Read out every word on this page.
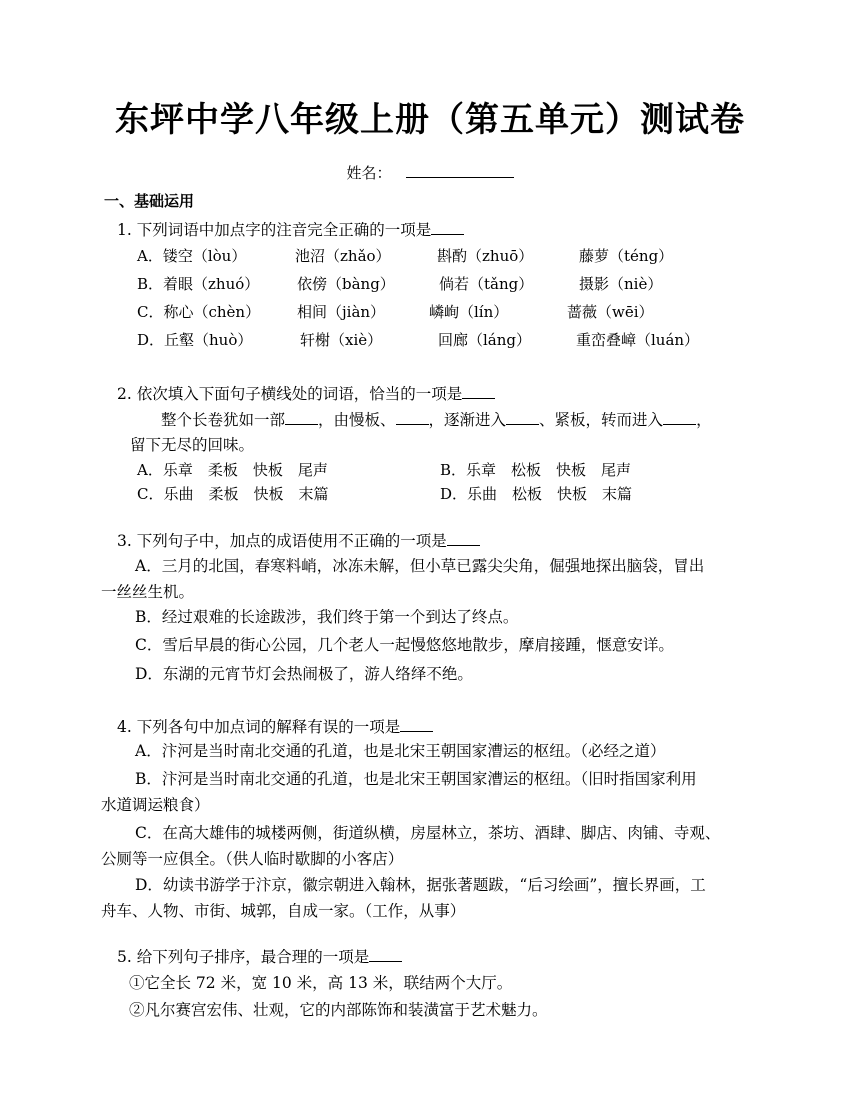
东坪中学八年级上册（第五单元）测试卷
姓名：
一、基础运用
1. 下列词语中加点字的注音完全正确的一项是
A．镂空（lòu）	池沼（zhǎo）	斟酌（zhuō）	藤萝（téng）
B．着眼（zhuó）	依傍（bàng）	倘若（tǎng）	摄影（niè）
C．称心（chèn） 相间（jiàn）	嶙峋（lín）	蔷薇（wēi）
D．丘壑（huò）	轩榭（xiè）	回廊（láng）	重峦叠嶂（luán）
2. 依次填入下面句子横线处的词语，恰当的一项是
整个长卷犹如一部 ，由慢板、 ，逐渐进入 、紧板，转而进入 ，
留下无尽的回味。
A．乐章　柔板　快板　尾声	B．乐章　松板　快板　尾声
C．乐曲　柔板　快板　末篇	D．乐曲　松板　快板　末篇
3. 下列句子中，加点的成语使用不正确的一项是
A．三月的北国，春寒料峭，冰冻未解，但小草已露尖尖角，倔强地探出脑袋，冒出
一丝丝生机。
B．经过艰难的长途跋涉，我们终于第一个到达了终点。
C．雪后早晨的街心公园，几个老人一起慢悠悠地散步，摩肩接踵，惬意安详。
D．东湖的元宵节灯会热闹极了，游人络绎不绝。
4. 下列各句中加点词的解释有误的一项是
A．汴河是当时南北交通的孔道，也是北宋王朝国家漕运的枢纽。（必经之道）
B．汴河是当时南北交通的孔道，也是北宋王朝国家漕运的枢纽。（旧时指国家利用
水道调运粮食）
C．在高大雄伟的城楼两侧，街道纵横，房屋林立，茶坊、酒肆、脚店、肉铺、寺观、
公厕等一应俱全。（供人临时歇脚的小客店）
D．幼读书游学于汴京，徽宗朝进入翰林，据张著题跋，“后习绘画”，擅长界画，工
舟车、人物、市街、城郭，自成一家。（工作，从事）
5. 给下列句子排序，最合理的一项是
①它全长 72 米，宽 10 米，高 13 米，联结两个大厅。
②凡尔赛宫宏伟、壮观，它的内部陈饰和装潢富于艺术魅力。
